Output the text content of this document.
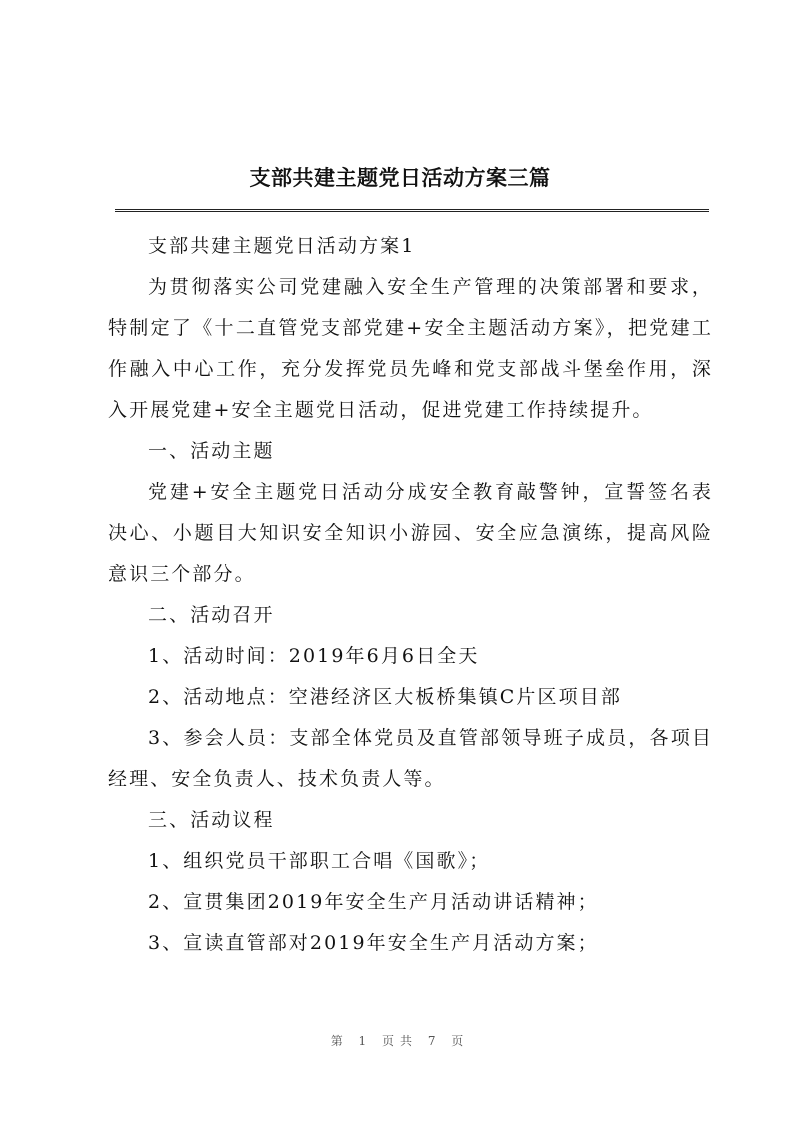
支部共建主题党日活动方案三篇

支部共建主题党日活动方案1

为贯彻落实公司党建融入安全生产管理的决策部署和要求，特制定了《十二直管党支部党建+安全主题活动方案》，把党建工作融入中心工作，充分发挥党员先峰和党支部战斗堡垒作用，深入开展党建+安全主题党日活动，促进党建工作持续提升。

一、活动主题

党建+安全主题党日活动分成安全教育敲警钟，宣誓签名表决心、小题目大知识安全知识小游园、安全应急演练，提高风险意识三个部分。

二、活动召开

1、活动时间：2019年6月6日全天

2、活动地点：空港经济区大板桥集镇C片区项目部

3、参会人员：支部全体党员及直管部领导班子成员，各项目经理、安全负责人、技术负责人等。

三、活动议程

1、组织党员干部职工合唱《国歌》；

2、宣贯集团2019年安全生产月活动讲话精神；

3、宣读直管部对2019年安全生产月活动方案；

第 1 页共 7 页
